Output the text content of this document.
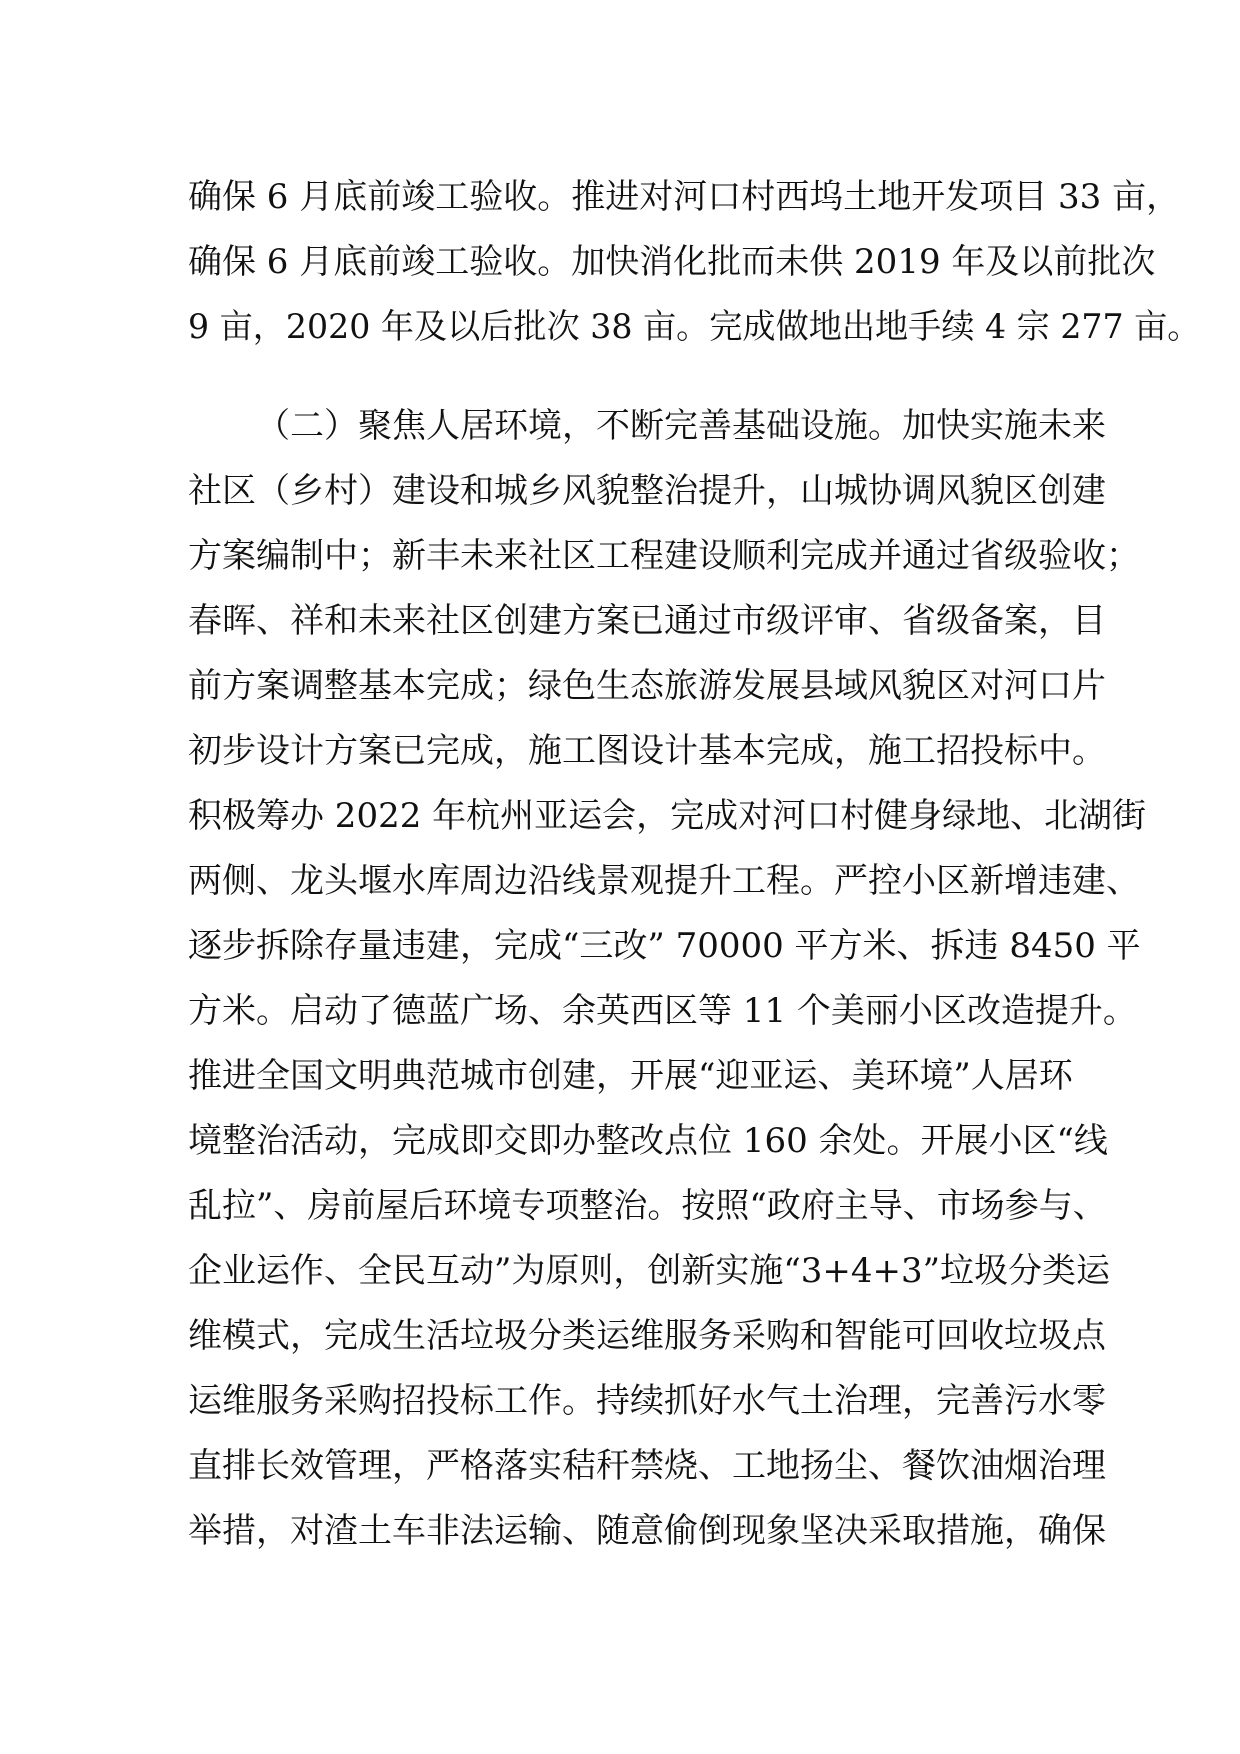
确保 6 月底前竣工验收。推进对河口村西坞土地开发项目 33 亩，
确保 6 月底前竣工验收。加快消化批而未供 2019 年及以前批次
9 亩，2020 年及以后批次 38 亩。完成做地出地手续 4 宗 277 亩。
（二）聚焦人居环境，不断完善基础设施。加快实施未来
社区（乡村）建设和城乡风貌整治提升，山城协调风貌区创建
方案编制中；新丰未来社区工程建设顺利完成并通过省级验收；
春晖、祥和未来社区创建方案已通过市级评审、省级备案，目
前方案调整基本完成；绿色生态旅游发展县域风貌区对河口片
初步设计方案已完成，施工图设计基本完成，施工招投标中。
积极筹办 2022 年杭州亚运会，完成对河口村健身绿地、北湖街
两侧、龙头堰水库周边沿线景观提升工程。严控小区新增违建、
逐步拆除存量违建，完成“三改” 70000 平方米、拆违 8450 平
方米。启动了德蓝广场、余英西区等 11 个美丽小区改造提升。
推进全国文明典范城市创建，开展“迎亚运、美环境”人居环
境整治活动，完成即交即办整改点位 160 余处。开展小区“线
乱拉”、房前屋后环境专项整治。按照“政府主导、市场参与、
企业运作、全民互动”为原则，创新实施“3+4+3”垃圾分类运
维模式，完成生活垃圾分类运维服务采购和智能可回收垃圾点
运维服务采购招投标工作。持续抓好水气土治理，完善污水零
直排长效管理，严格落实秸秆禁烧、工地扬尘、餐饮油烟治理
举措，对渣土车非法运输、随意偷倒现象坚决采取措施，确保
